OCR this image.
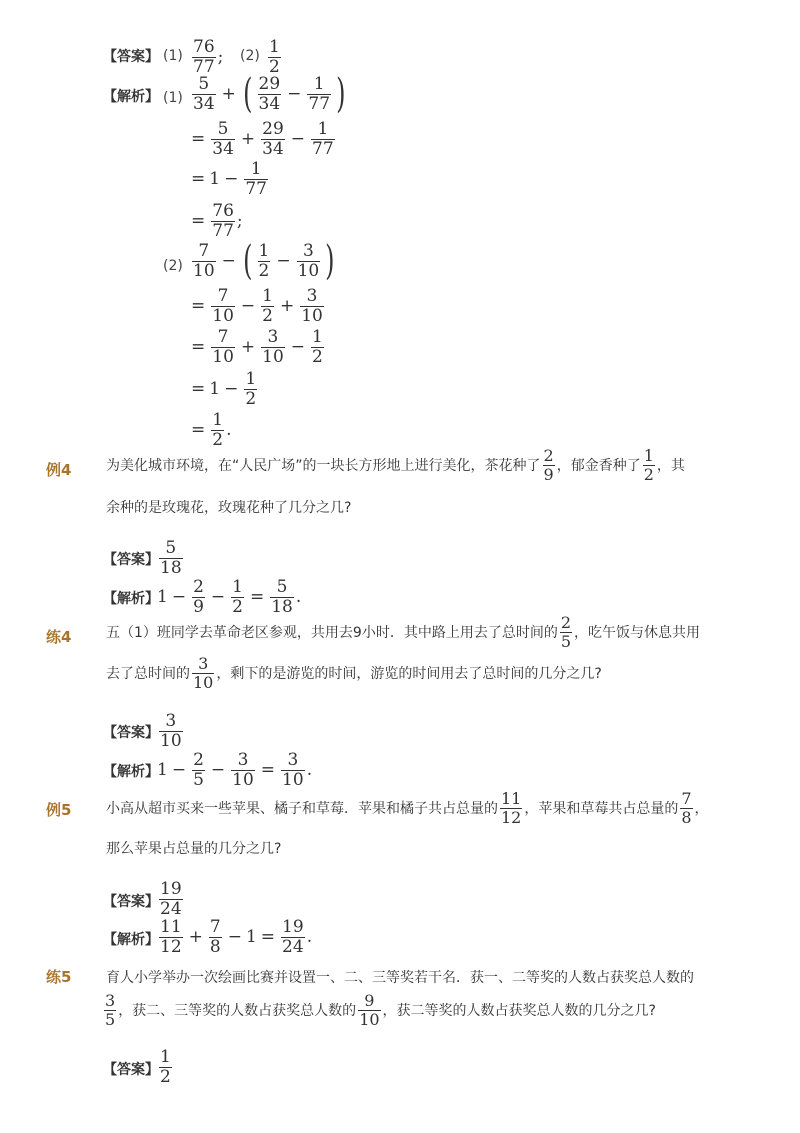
【答案】 $(1) \frac{76}{77}$ ; $(2) \frac{1}{2}$
【解析】 $(1) \frac{5}{34}$ + ( $\frac{29}{34} - \frac{1}{77}$ )
= $\frac{5}{34} + \frac{29}{34} - \frac{1}{77}$
= $1 - \frac{1}{77}$
= $\frac{76}{77}$ ;
$(2) \frac{7}{10}$ − ( $\frac{1}{2} - \frac{3}{10}$ )
= $\frac{7}{10} - \frac{1}{2} + \frac{3}{10}$
= $\frac{7}{10} + \frac{3}{10} - \frac{1}{2}$
= $1 - \frac{1}{2}$
= $\frac{1}{2}$ .
例4 为美化城市环境，在“人民广场”的一块长方形地上进行美化，茶花种了 $\frac{2}{9}$ ，郁金香种了 $\frac{1}{2}$ ，其
余种的是玫瑰花，玫瑰花种了几分之几?
【答案】 $\frac{5}{18}$
【解析】
$1 - \frac{2}{9} - \frac{1}{2} = \frac{5}{18}$ .
练4 五（1）班同学去革命老区参观，共用去9小时．其中路上用去了总时间的 $\frac{2}{5}$ ，吃午饭与休息共用
去了总时间的 $\frac{3}{10}$ ，剩下的是游览的时间，游览的时间用去了总时间的几分之几?
【答案】 $\frac{3}{10}$
【解析】
$1 - \frac{2}{5} - \frac{3}{10} = \frac{3}{10}$ .
例5 小高从超市买来一些苹果、橘子和草莓．苹果和橘子共占总量的 $\frac{11}{12}$ ，苹果和草莓共占总量的 $\frac{7}{8}$ ，
那么苹果占总量的几分之几?
【答案】 $\frac{19}{24}$
【解析】 $\frac{11}{12} + \frac{7}{8} - 1 = \frac{19}{24}$ .
练5 育人小学举办一次绘画比赛并设置一、二、三等奖若干名．获一、二等奖的人数占获奖总人数的
$\frac{3}{5}$ ，获二、三等奖的人数占获奖总人数的 $\frac{9}{10}$ ，获二等奖的人数占获奖总人数的几分之几?
【答案】 $\frac{1}{2}$
